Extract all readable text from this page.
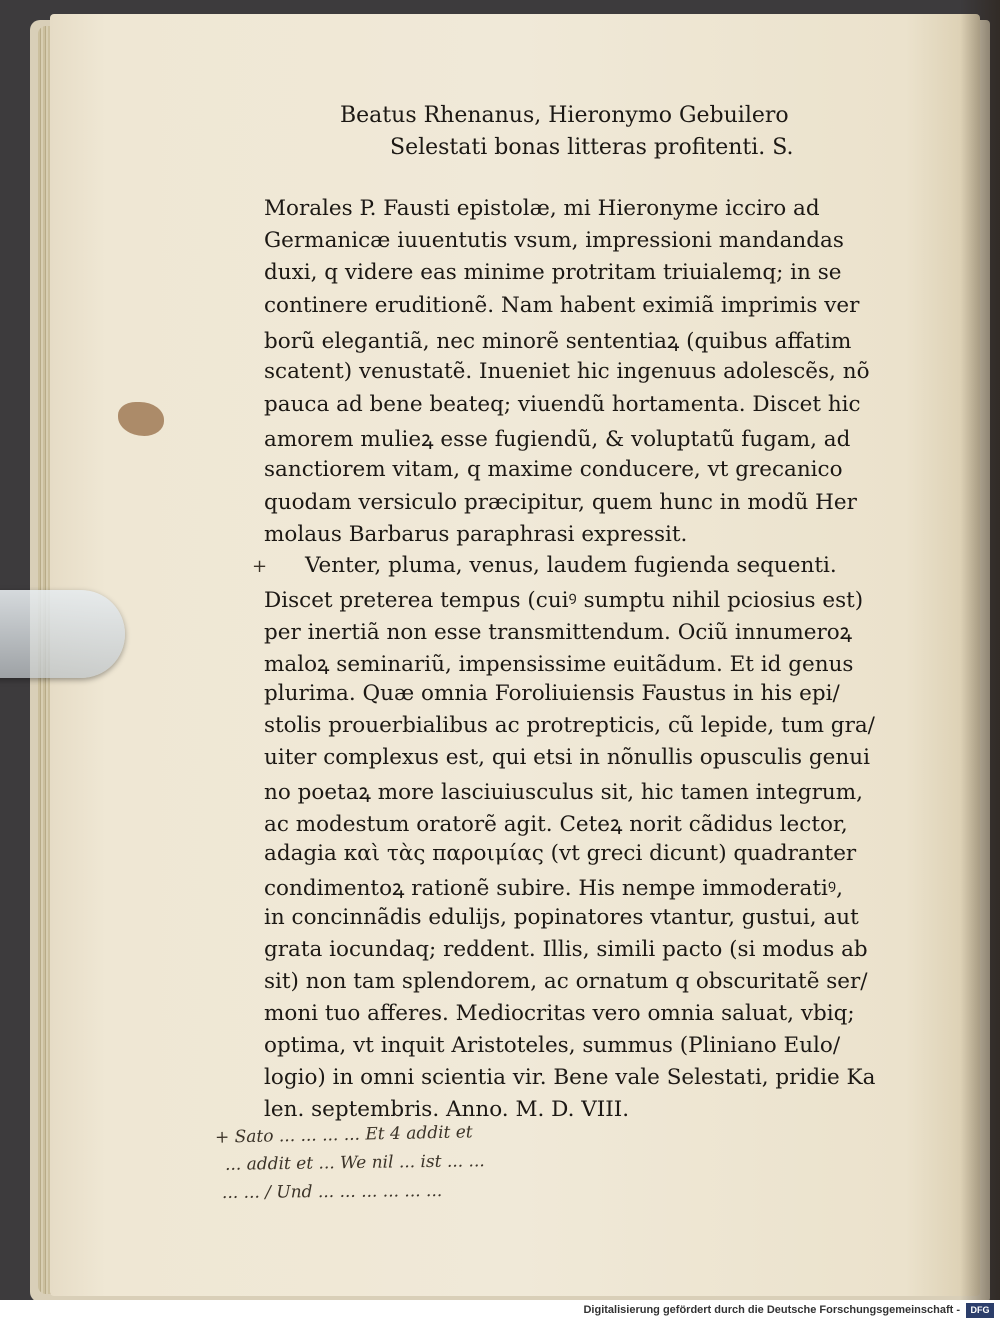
Beatus Rhenanus, Hieronymo Gebuilero
Selestati bonas litteras profitenti. S.
Morales P. Fausti epistolæ, mi Hieronyme icciro ad
Germanicæ iuuentutis vsum, impressioni mandandas
duxi, q videre eas minime protritam triuialemq; in se
continere eruditionẽ. Nam habent eximiã imprimis ver
borũ elegantiã, nec minorẽ sententiaꝝ (quibus affatim
scatent) venustatẽ. Inueniet hic ingenuus adolescẽs, nõ
pauca ad bene beateq; viuendũ hortamenta. Discet hic
amorem mulieꝝ esse fugiendũ, & voluptatũ fugam, ad
sanctiorem vitam, q maxime conducere, vt grecanico
quodam versiculo præcipitur, quem hunc in modũ Her
molaus Barbarus paraphrasi expressit.
+ Venter, pluma, venus, laudem fugienda sequenti.
Discet preterea tempus (cuiꝰ sumptu nihil pciosius est)
per inertiã non esse transmittendum. Ociũ innumeroꝝ
maloꝝ seminariũ, impensissime euitãdum. Et id genus
plurima. Quæ omnia Foroliuiensis Faustus in his epi/
stolis prouerbialibus ac protrepticis, cũ lepide, tum gra/
uiter complexus est, qui etsi in nõnullis opusculis genui
no poetaꝝ more lasciuiusculus sit, hic tamen integrum,
ac modestum oratorẽ agit. Ceteꝝ norit cãdidus lector,
adagia καὶ τὰς παροιμίας (vt greci dicunt) quadranter
condimentoꝝ rationẽ subire. His nempe immoderatiꝰ,
in concinnãdis edulijs, popinatores vtantur, gustui, aut
grata iocundaq; reddent. Illis, simili pacto (si modus ab
sit) non tam splendorem, ac ornatum q obscuritatẽ ser/
moni tuo afferes. Mediocritas vero omnia saluat, vbiq;
optima, vt inquit Aristoteles, summus (Pliniano Eulo/
logio) in omni scientia vir. Bene vale Selestati, pridie Ka
len. septembris. Anno. M. D. VIII.
+ Sato ... ... ... ... Et 4 addit et
... addit et ... We nil ... ist ... ...
... ... / Und ... ... ... ... ... ...
Digitalisierung gefördert durch die Deutsche Forschungsgemeinschaft -	DFG
